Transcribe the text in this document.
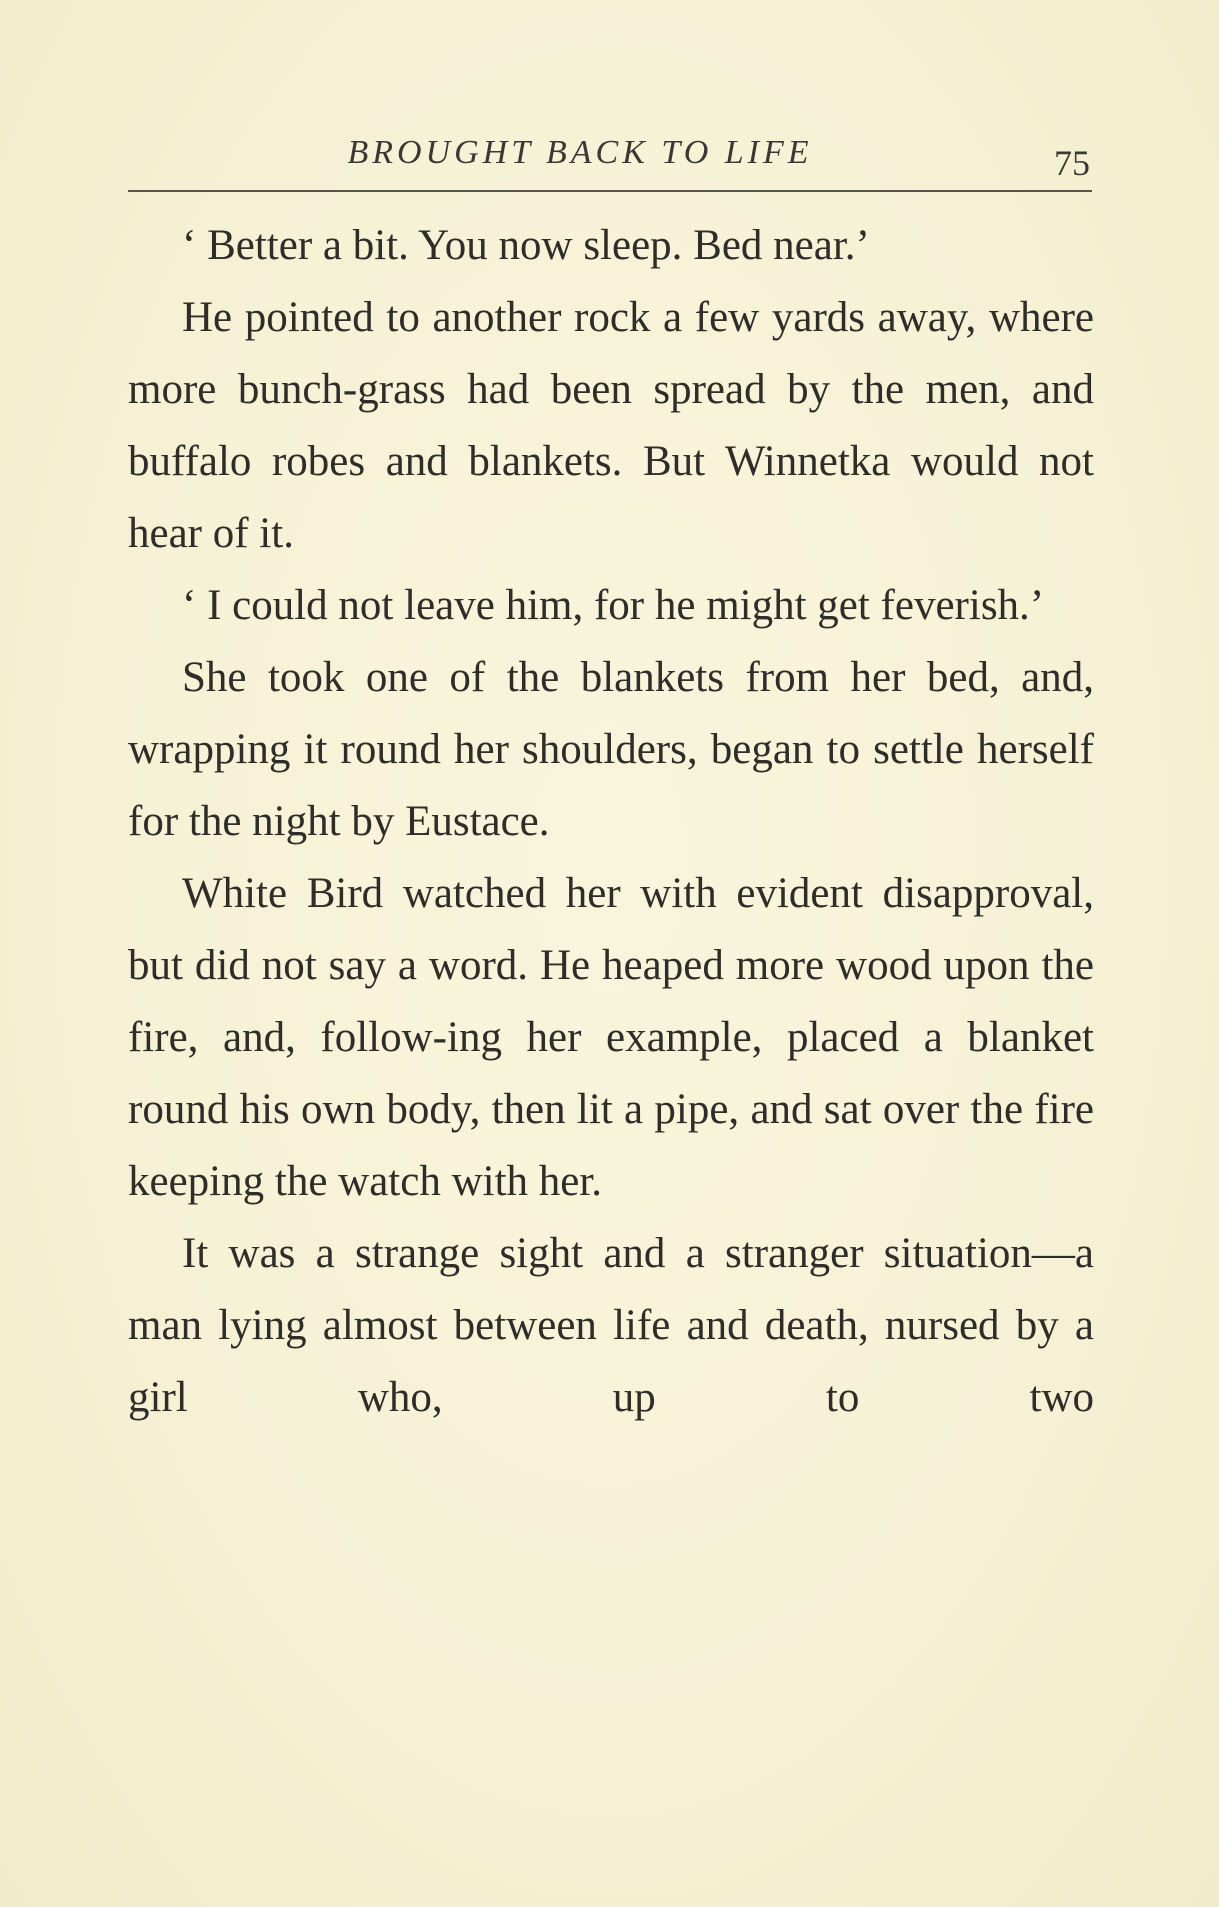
BROUGHT BACK TO LIFE	75

‘ Better a bit. You now sleep. Bed near.’

He pointed to another rock a few yards away, where more bunch-grass had been spread by the men, and buffalo robes and blankets. But Winnetka would not hear of it.

‘ I could not leave him, for he might get feverish.’

She took one of the blankets from her bed, and, wrapping it round her shoulders, began to settle herself for the night by Eustace.

White Bird watched her with evident disapproval, but did not say a word. He heaped more wood upon the fire, and, follow-ing her example, placed a blanket round his own body, then lit a pipe, and sat over the fire keeping the watch with her.

It was a strange sight and a stranger situation—a man lying almost between life and death, nursed by a girl who, up to two
